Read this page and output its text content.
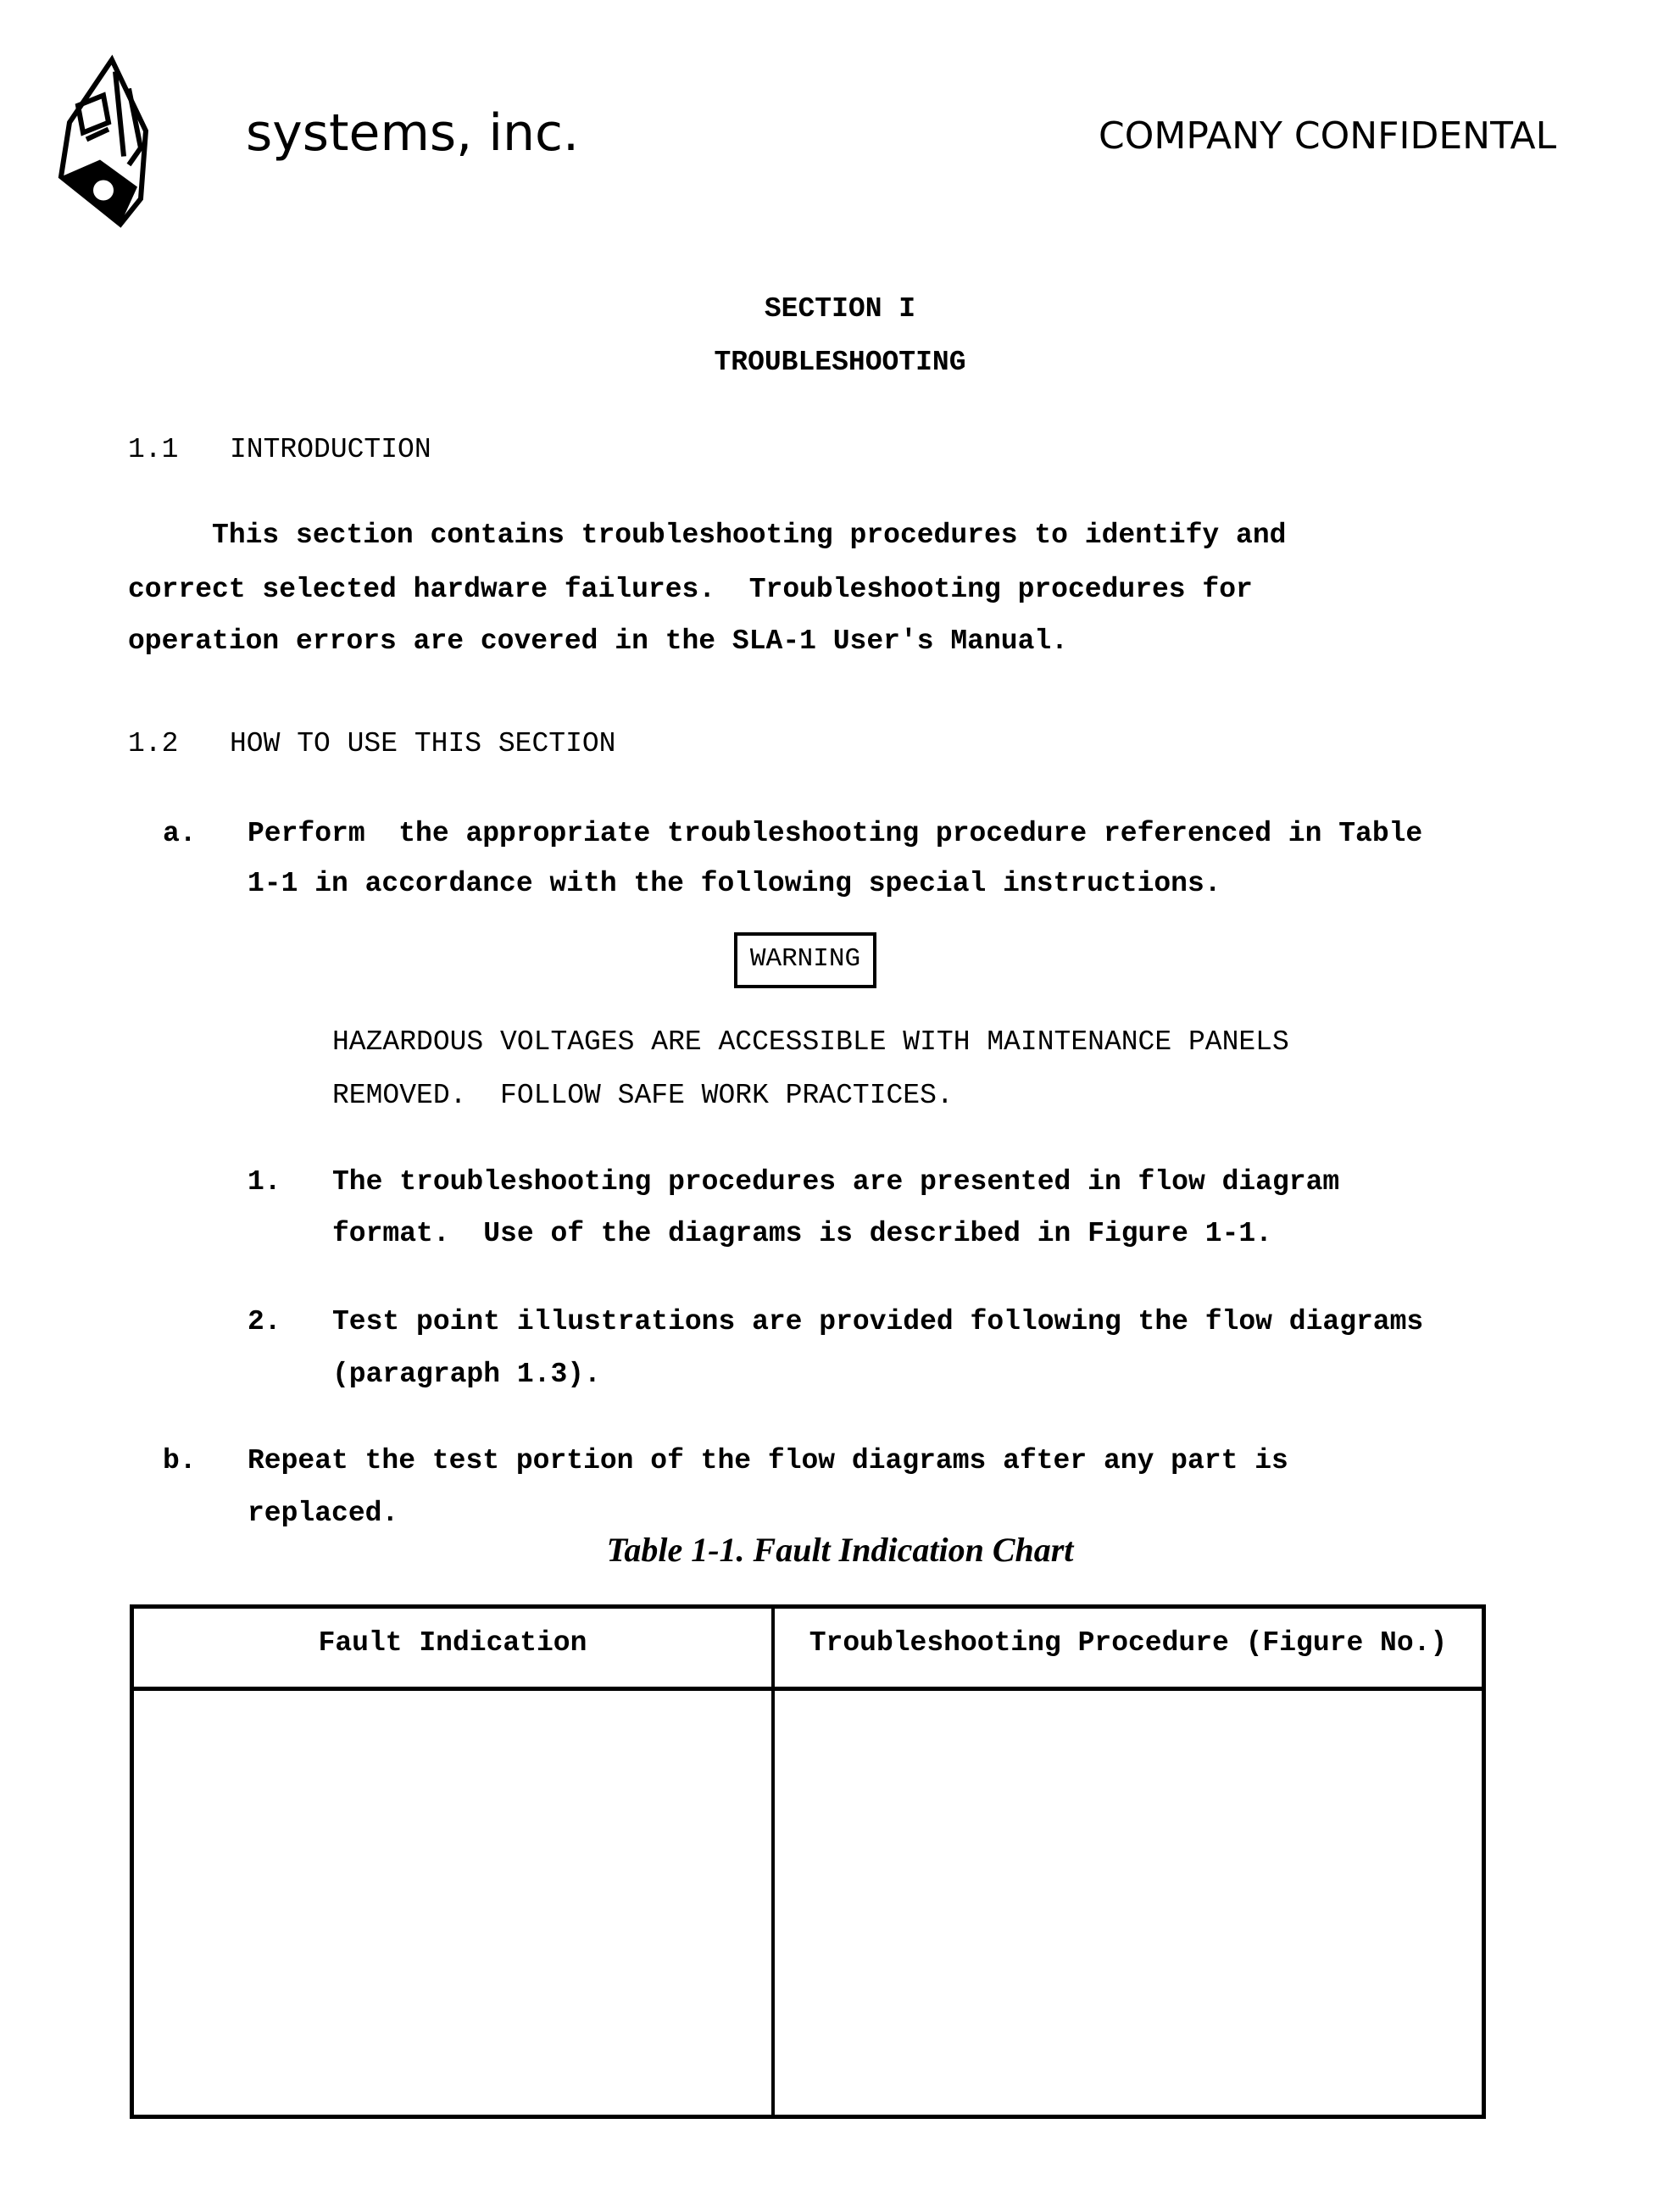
systems, inc.	COMPANY CONFIDENTAL
SECTION I
TROUBLESHOOTING
1.1 INTRODUCTION
This section contains troubleshooting procedures to identify and
correct selected hardware failures.  Troubleshooting procedures for
operation errors are covered in the SLA-1 User's Manual.
1.2 HOW TO USE THIS SECTION
a. Perform  the appropriate troubleshooting procedure referenced in Table
1-1 in accordance with the following special instructions.
WARNING
HAZARDOUS VOLTAGES ARE ACCESSIBLE WITH MAINTENANCE PANELS
REMOVED.  FOLLOW SAFE WORK PRACTICES.
1. The troubleshooting procedures are presented in flow diagram
format.  Use of the diagrams is described in Figure 1-1.
2. Test point illustrations are provided following the flow diagrams
(paragraph 1.3).
b. Repeat the test portion of the flow diagrams after any part is
replaced.
Table 1-1. Fault Indication Chart
Fault Indication	Troubleshooting Procedure (Figure No.)
